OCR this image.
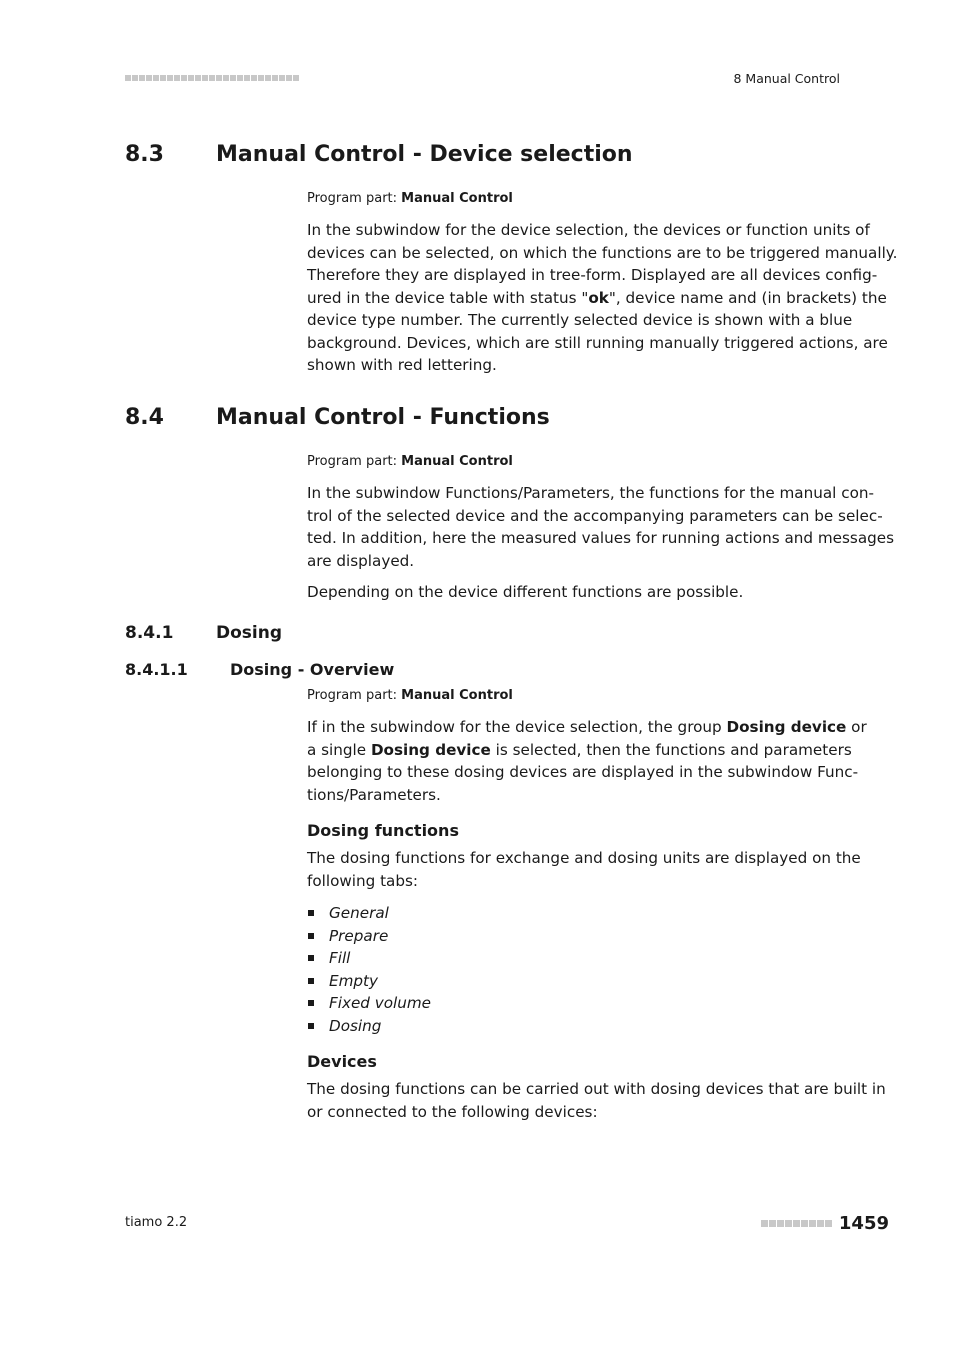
8 Manual Control
8.3 Manual Control - Device selection
Program part: Manual Control
In the subwindow for the device selection, the devices or function units of
devices can be selected, on which the functions are to be triggered manually.
Therefore they are displayed in tree-form. Displayed are all devices config-
ured in the device table with status "ok", device name and (in brackets) the
device type number. The currently selected device is shown with a blue
background. Devices, which are still running manually triggered actions, are
shown with red lettering.
8.4 Manual Control - Functions
Program part: Manual Control
In the subwindow Functions/Parameters, the functions for the manual con-
trol of the selected device and the accompanying parameters can be selec-
ted. In addition, here the measured values for running actions and messages
are displayed.
Depending on the device different functions are possible.
8.4.1	Dosing
8.4.1.1	Dosing - Overview
Program part: Manual Control
If in the subwindow for the device selection, the group Dosing device or
a single Dosing device is selected, then the functions and parameters
belonging to these dosing devices are displayed in the subwindow Func-
tions/Parameters.
Dosing functions
The dosing functions for exchange and dosing units are displayed on the
following tabs:
General
Prepare
Fill
Empty
Fixed volume
Dosing
Devices
The dosing functions can be carried out with dosing devices that are built in
or connected to the following devices:
tiamo 2.2	1459
